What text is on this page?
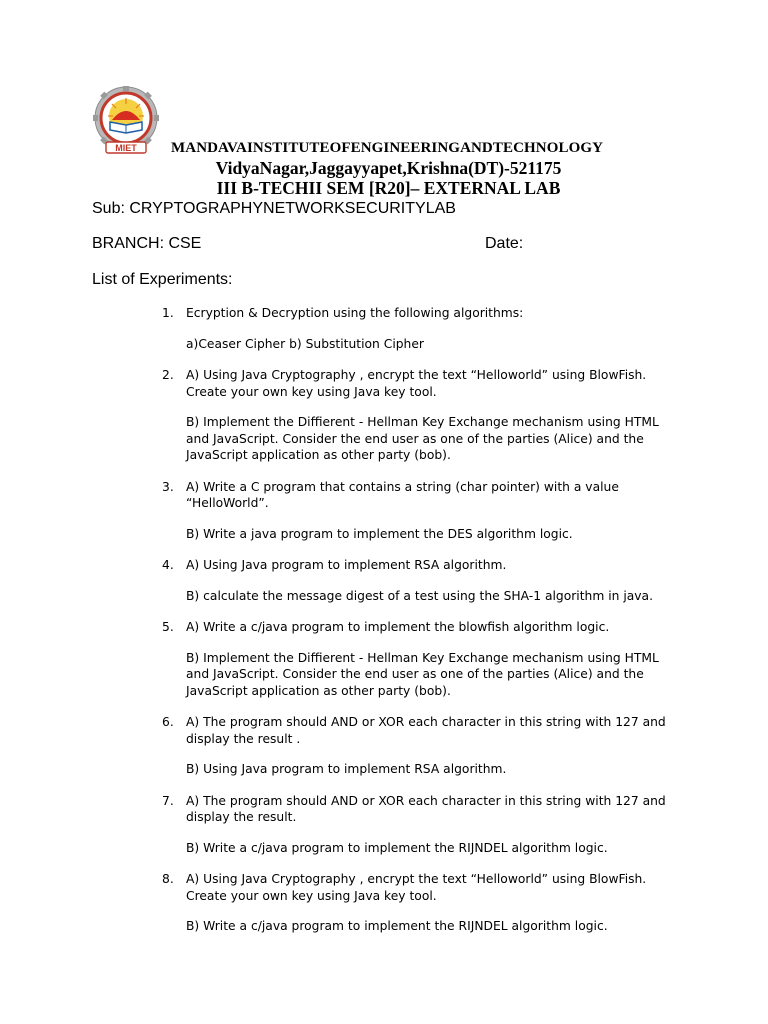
MIET MANDAVAINSTITUTEOFENGINEERINGANDTECHNOLOGY
VidyaNagar,Jaggayyapet,Krishna(DT)-521175
III B-TECHII SEM [R20]– EXTERNAL LAB
Sub: CRYPTOGRAPHYNETWORKSECURITYLAB
BRANCH: CSE	Date:
List of Experiments:
1. Ecryption & Decryption using the following algorithms:
a)Ceaser Cipher b) Substitution Cipher
2. A) Using Java Cryptography , encrypt the text “Helloworld” using BlowFish. Create your own key using Java key tool.
B) Implement the Diffierent - Hellman Key Exchange mechanism using HTML and JavaScript. Consider the end user as one of the parties (Alice) and the JavaScript application as other party (bob).
3. A) Write a C program that contains a string (char pointer) with a value “HelloWorld”.
B) Write a java program to implement the DES algorithm logic.
4. A) Using Java program to implement RSA algorithm.
B) calculate the message digest of a test using the SHA-1 algorithm in java.
5. A) Write a c/java program to implement the blowfish algorithm logic.
B) Implement the Diffierent - Hellman Key Exchange mechanism using HTML and JavaScript. Consider the end user as one of the parties (Alice) and the JavaScript application as other party (bob).
6. A) The program should AND or XOR each character in this string with 127 and display the result .
B) Using Java program to implement RSA algorithm.
7. A) The program should AND or XOR each character in this string with 127 and display the result.
B) Write a c/java program to implement the RIJNDEL algorithm logic.
8. A) Using Java Cryptography , encrypt the text “Helloworld” using BlowFish. Create your own key using Java key tool.
B) Write a c/java program to implement the RIJNDEL algorithm logic.
